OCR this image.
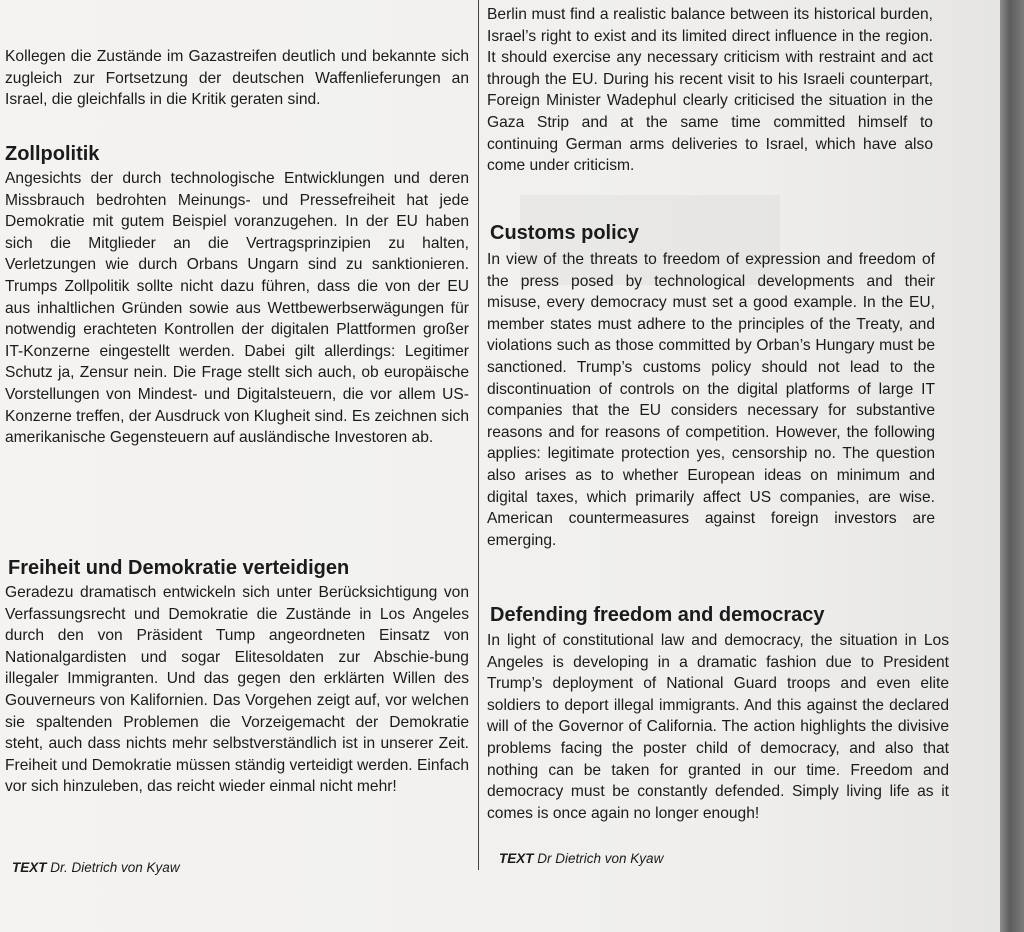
Kollegen die Zustände im Gazastreifen deutlich und bekannte sich zugleich zur Fortsetzung der deutschen Waffenlieferungen an Israel, die gleichfalls in die Kritik geraten sind.

Zollpolitik

Angesichts der durch technologische Entwicklungen und deren Missbrauch bedrohten Meinungs- und Pressefreiheit hat jede Demokratie mit gutem Beispiel voranzugehen. In der EU haben sich die Mitglieder an die Vertragsprinzipien zu halten, Verletzungen wie durch Orbans Ungarn sind zu sanktionieren. Trumps Zollpolitik sollte nicht dazu führen, dass die von der EU aus inhaltlichen Gründen sowie aus Wettbewerbserwägungen für notwendig erachteten Kontrollen der digitalen Plattformen großer IT-Konzerne eingestellt werden. Dabei gilt allerdings: Legitimer Schutz ja, Zensur nein. Die Frage stellt sich auch, ob europäische Vorstellungen von Mindest- und Digitalsteuern, die vor allem US-Konzerne treffen, der Ausdruck von Klugheit sind. Es zeichnen sich amerikanische Gegensteuern auf ausländische Investoren ab.

Freiheit und Demokratie verteidigen

Geradezu dramatisch entwickeln sich unter Berücksichtigung von Verfassungsrecht und Demokratie die Zustände in Los Angeles durch den von Präsident Tump angeordneten Einsatz von Nationalgardisten und sogar Elitesoldaten zur Abschie-bung illegaler Immigranten. Und das gegen den erklärten Willen des Gouverneurs von Kalifornien. Das Vorgehen zeigt auf, vor welchen sie spaltenden Problemen die Vorzeigemacht der Demokratie steht, auch dass nichts mehr selbstverständlich ist in unserer Zeit. Freiheit und Demokratie müssen ständig verteidigt werden. Einfach vor sich hinzuleben, das reicht wieder einmal nicht mehr!

TEXT Dr. Dietrich von Kyaw

Berlin must find a realistic balance between its historical burden, Israel’s right to exist and its limited direct influence in the region. It should exercise any necessary criticism with restraint and act through the EU. During his recent visit to his Israeli counterpart, Foreign Minister Wadephul clearly criticised the situation in the Gaza Strip and at the same time committed himself to continuing German arms deliveries to Israel, which have also come under criticism.

Customs policy

In view of the threats to freedom of expression and freedom of the press posed by technological developments and their misuse, every democracy must set a good example. In the EU, member states must adhere to the principles of the Treaty, and violations such as those committed by Orban’s Hungary must be sanctioned. Trump’s customs policy should not lead to the discontinuation of controls on the digital platforms of large IT companies that the EU considers necessary for substantive reasons and for reasons of competition. However, the following applies: legitimate protection yes, censorship no. The question also arises as to whether European ideas on minimum and digital taxes, which primarily affect US companies, are wise. American countermeasures against foreign investors are emerging.

Defending freedom and democracy

In light of constitutional law and democracy, the situation in Los Angeles is developing in a dramatic fashion due to President Trump’s deployment of National Guard troops and even elite soldiers to deport illegal immigrants. And this against the declared will of the Governor of California. The action highlights the divisive problems facing the poster child of democracy, and also that nothing can be taken for granted in our time. Freedom and democracy must be constantly defended. Simply living life as it comes is once again no longer enough!

TEXT Dr Dietrich von Kyaw
